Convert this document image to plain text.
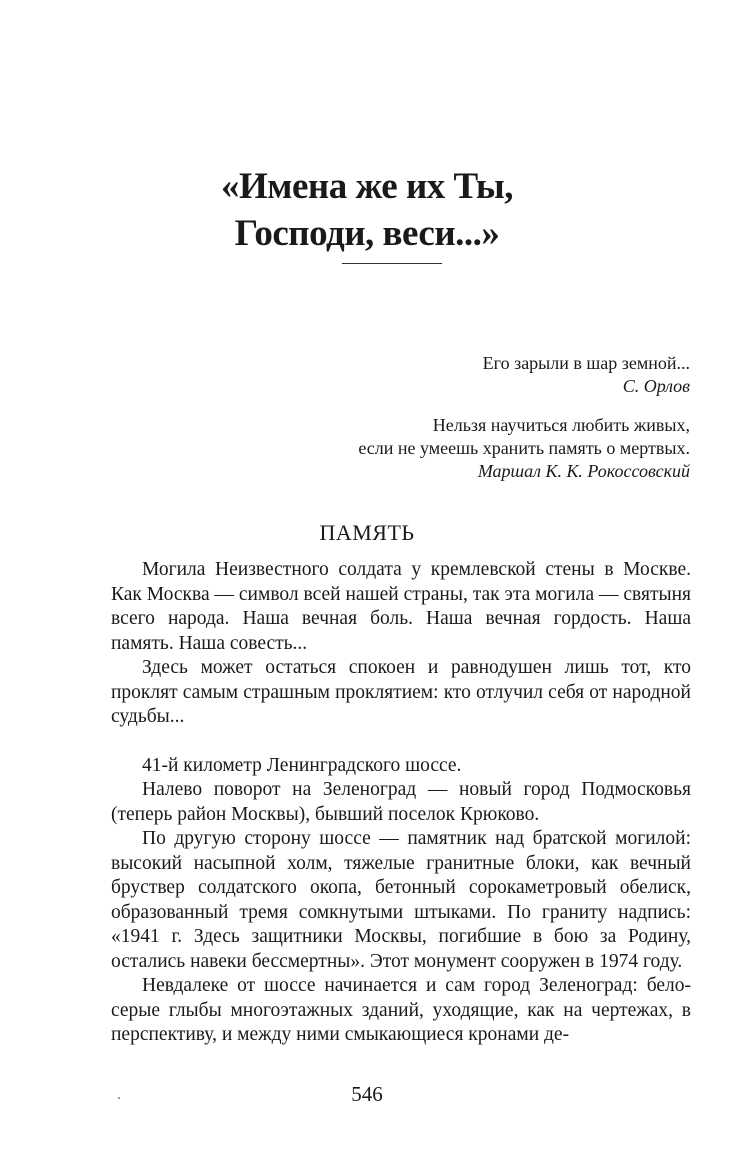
«Имена же их Ты,
Господи, веси...»
Его зарыли в шар земной...
С. Орлов
Нельзя научиться любить живых,
если не умеешь хранить память о мертвых.
Маршал К. К. Рокоссовский
ПАМЯТЬ

Могила Неизвестного солдата у кремлевской стены в Москве. Как Москва — символ всей нашей страны, так эта могила — святыня всего народа. Наша вечная боль. Наша вечная гордость. Наша память. Наша совесть...

Здесь может остаться спокоен и равнодушен лишь тот, кто проклят самым страшным проклятием: кто отлучил себя от народной судьбы...

41-й километр Ленинградского шоссе.

Налево поворот на Зеленоград — новый город Подмосковья (теперь район Москвы), бывший поселок Крюково.

По другую сторону шоссе — памятник над братской могилой: высокий насыпной холм, тяжелые гранитные блоки, как вечный бруствер солдатского окопа, бетонный сорокаметровый обелиск, образованный тремя сомкнутыми штыками. По граниту надпись: «1941 г. Здесь защитники Москвы, погибшие в бою за Родину, остались навеки бессмертны». Этот монумент сооружен в 1974 году.

Невдалеке от шоссе начинается и сам город Зеленоград: белосерые глыбы многоэтажных зданий, уходящие, как на чертежах, в перспективу, и между ними смыкающиеся кронами де-

546
